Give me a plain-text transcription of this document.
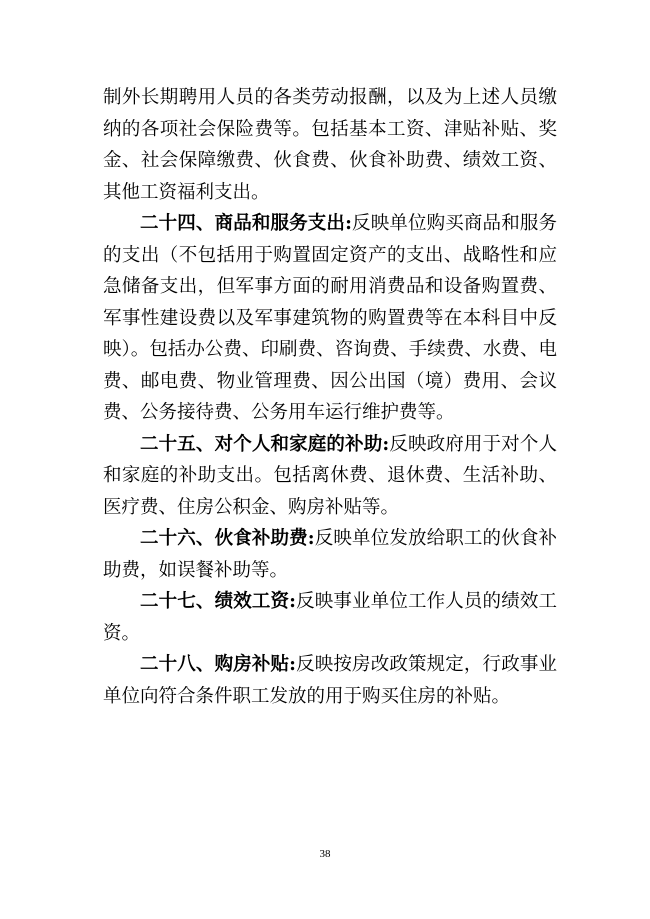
制外长期聘用人员的各类劳动报酬，以及为上述人员缴纳的各项社会保险费等。包括基本工资、津贴补贴、奖金、社会保障缴费、伙食费、伙食补助费、绩效工资、其他工资福利支出。

二十四、商品和服务支出:反映单位购买商品和服务的支出（不包括用于购置固定资产的支出、战略性和应急储备支出，但军事方面的耐用消费品和设备购置费、军事性建设费以及军事建筑物的购置费等在本科目中反映）。包括办公费、印刷费、咨询费、手续费、水费、电费、邮电费、物业管理费、因公出国（境）费用、会议费、公务接待费、公务用车运行维护费等。

二十五、对个人和家庭的补助:反映政府用于对个人和家庭的补助支出。包括离休费、退休费、生活补助、医疗费、住房公积金、购房补贴等。

二十六、伙食补助费:反映单位发放给职工的伙食补助费，如误餐补助等。

二十七、绩效工资:反映事业单位工作人员的绩效工资。

二十八、购房补贴:反映按房改政策规定，行政事业单位向符合条件职工发放的用于购买住房的补贴。

38
